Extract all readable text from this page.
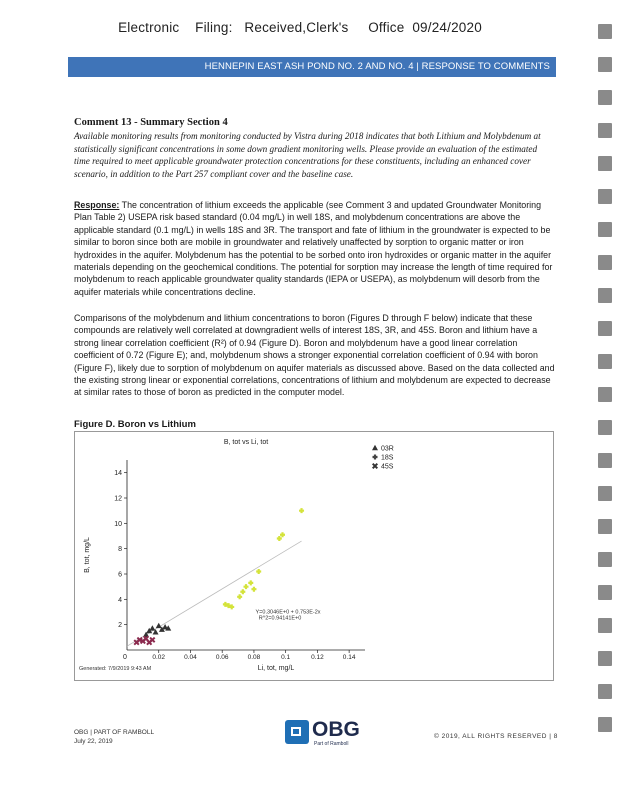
Electronic    Filing:   Received,Clerk's     Office  09/24/2020
HENNEPIN EAST ASH POND NO. 2 AND NO. 4 | RESPONSE TO COMMENTS
Comment 13 - Summary Section 4
Available monitoring results from monitoring conducted by Vistra during 2018 indicates that both Lithium and Molybdenum at statistically significant concentrations in some down gradient monitoring wells. Please provide an evaluation of the estimated time required to meet applicable groundwater protection concentrations for these constituents, including an enhanced cover scenario, in addition to the Part 257 compliant cover and the baseline case.
Response: The concentration of lithium exceeds the applicable (see Comment 3 and updated Groundwater Monitoring Plan Table 2) USEPA risk based standard (0.04 mg/L) in well 18S, and molybdenum concentrations are above the applicable standard (0.1 mg/L) in wells 18S and 3R. The transport and fate of lithium in the groundwater is expected to be similar to boron since both are mobile in groundwater and relatively unaffected by sorption to organic matter or iron hydroxides in the aquifer. Molybdenum has the potential to be sorbed onto iron hydroxides or organic matter in the aquifer materials depending on the geochemical conditions. The potential for sorption may increase the length of time required for molybdenum to reach applicable groundwater quality standards (IEPA or USEPA), as molybdenum will desorb from the aquifer materials while concentrations decline.
Comparisons of the molybdenum and lithium concentrations to boron (Figures D through F below) indicate that these compounds are relatively well correlated at downgradient wells of interest 18S, 3R, and 45S. Boron and lithium have a strong linear correlation coefficient (R²) of 0.94 (Figure D). Boron and molybdenum have a good linear correlation coefficient of 0.72 (Figure E); and, molybdenum shows a stronger exponential correlation coefficient of 0.94 with boron (Figure F), likely due to sorption of molybdenum on aquifer materials as discussed above. Based on the data collected and the existing strong linear or exponential correlations, concentrations of lithium and molybdenum are expected to decrease at similar rates to those of boron as predicted in the computer model.
Figure D. Boron vs Lithium
B, tot vs Li, tot
2
4
6
8
10
12
14
0	0.02	0.04	0.06	0.08	0.1	0.12	0.14
Li, tot, mg/L
B, tot, mg/L
Y=0.3046E+0 + 0.753E-2x
R^2=0.94141E+0
03R
18S
45S
Generated: 7/9/2019 9:43 AM
OBG | PART OF RAMBOLL
July 22, 2019
OBG
Part of Ramboll
© 2019, ALL RIGHTS RESERVED | 8
